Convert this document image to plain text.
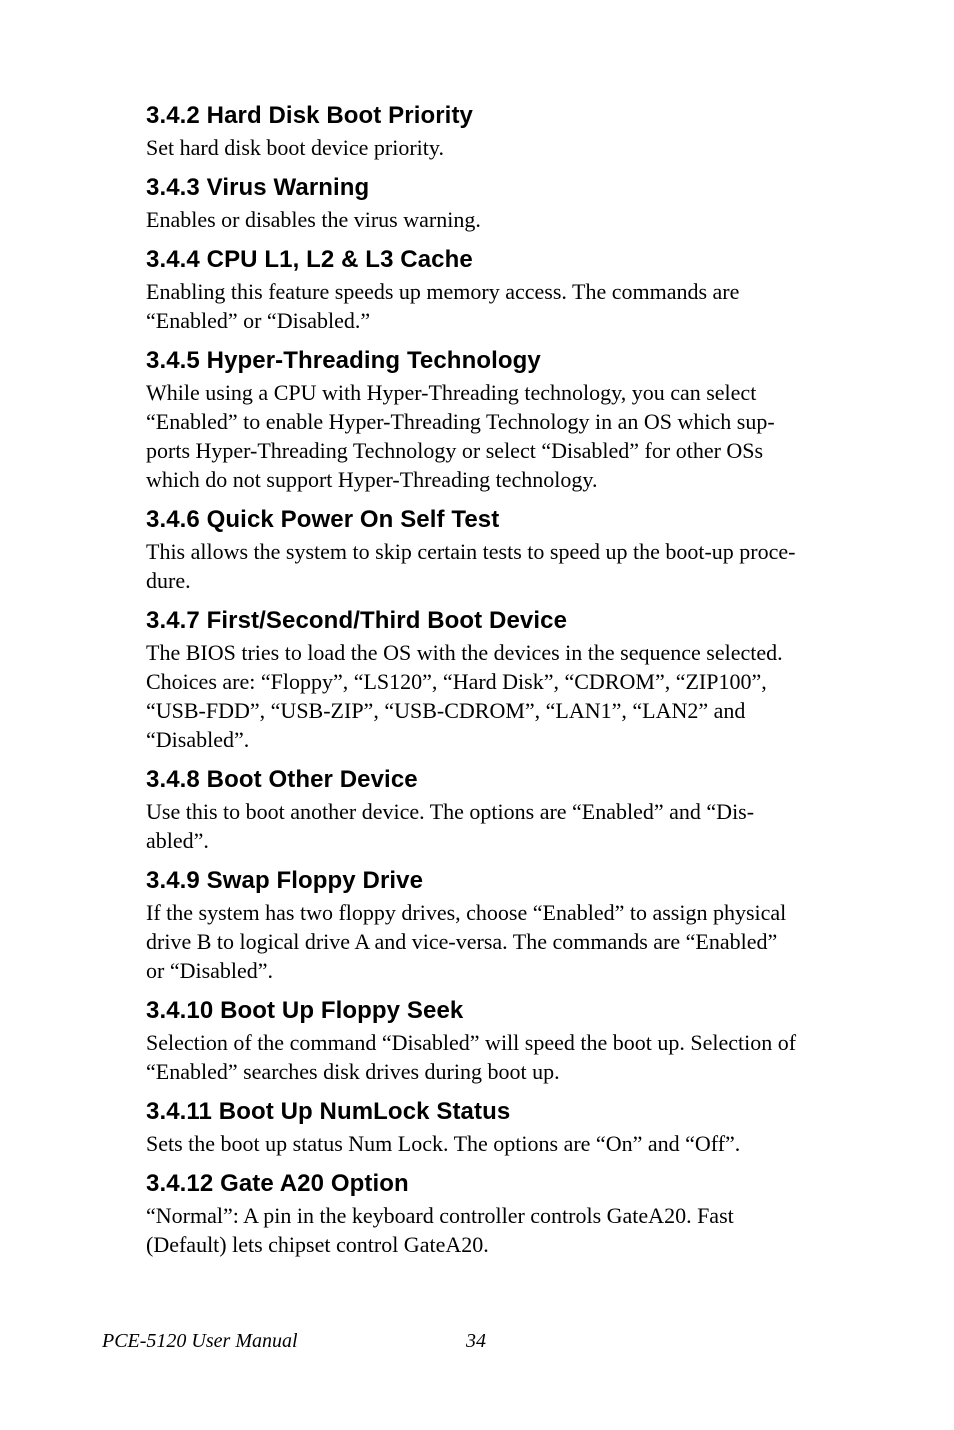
3.4.2 Hard Disk Boot Priority

Set hard disk boot device priority.

3.4.3 Virus Warning

Enables or disables the virus warning.

3.4.4 CPU L1, L2 & L3 Cache

Enabling this feature speeds up memory access. The commands are
“Enabled” or “Disabled.”

3.4.5 Hyper-Threading Technology

While using a CPU with Hyper-Threading technology, you can select
“Enabled” to enable Hyper-Threading Technology in an OS which sup-
ports Hyper-Threading Technology or select “Disabled” for other OSs
which do not support Hyper-Threading technology.

3.4.6 Quick Power On Self Test

This allows the system to skip certain tests to speed up the boot-up proce-
dure.

3.4.7 First/Second/Third Boot Device

The BIOS tries to load the OS with the devices in the sequence selected.
Choices are: “Floppy”, “LS120”, “Hard Disk”, “CDROM”, “ZIP100”,
“USB-FDD”, “USB-ZIP”, “USB-CDROM”, “LAN1”, “LAN2” and
“Disabled”.

3.4.8 Boot Other Device

Use this to boot another device. The options are “Enabled” and “Dis-
abled”.

3.4.9 Swap Floppy Drive

If the system has two floppy drives, choose “Enabled” to assign physical
drive B to logical drive A and vice-versa. The commands are “Enabled”
or “Disabled”.

3.4.10 Boot Up Floppy Seek

Selection of the command “Disabled” will speed the boot up. Selection of
“Enabled” searches disk drives during boot up.

3.4.11 Boot Up NumLock Status

Sets the boot up status Num Lock. The options are “On” and “Off”.

3.4.12 Gate A20 Option

“Normal”: A pin in the keyboard controller controls GateA20. Fast
(Default) lets chipset control GateA20.

PCE-5120 User Manual	34
